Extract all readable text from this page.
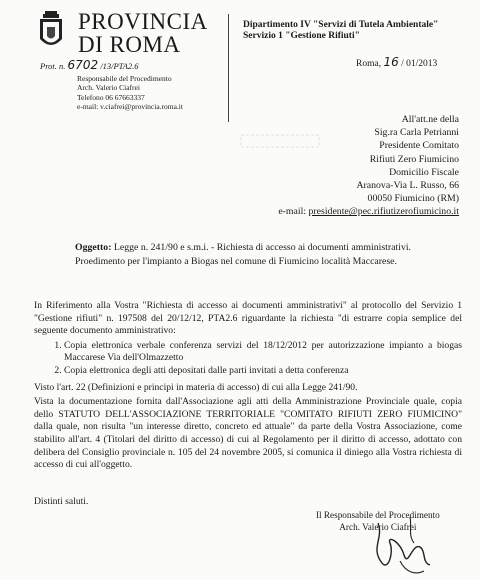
PROVINCIA
DI ROMA
Dipartimento IV "Servizi di Tutela Ambientale"
Servizio 1 "Gestione Rifiuti"
Roma, 16 / 01/2013
Prot. n. 6702 /13/PTA2.6
Responsabile del Procedimento
Arch. Valerio Ciafrei
Telefono 06 67663337
e-mail: v.ciafrei@provincia.roma.it
All'att.ne della
Sig.ra Carla Petrianni
Presidente Comitato
Rifiuti Zero Fiumicino
Domicilio Fiscale
Aranova-Via L. Russo, 66
00050 Fiumicino (RM)
e-mail: presidente@pec.rifiutizerofiumicino.it
Oggetto: Legge n. 241/90 e s.m.i. - Richiesta di accesso ai documenti amministrativi.
Proedimento per l'impianto a Biogas nel comune di Fiumicino località Maccarese.

In Riferimento alla Vostra "Richiesta di accesso ai documenti amministrativi" al protocollo del Servizio 1 "Gestione rifiuti" n. 197508 del 20/12/12, PTA2.6 riguardante la richiesta "di estrarre copia semplice del seguente documento amministrativo:

1. Copia elettronica verbale conferenza servizi del 18/12/2012 per autorizzazione impianto a biogas Maccarese Via dell'Olmazzetto
2. Copia elettronica degli atti depositati dalle parti invitati a detta conferenza

Visto l'art. 22 (Definizioni e principi in materia di accesso) di cui alla Legge 241/90.

Vista la documentazione fornita dall'Associazione agli atti della Amministrazione Provinciale quale, copia dello STATUTO DELL'ASSOCIAZIONE TERRITORIALE "COMITATO RIFIUTI ZERO FIUMICINO" dalla quale, non risulta "un interesse diretto, concreto ed attuale" da parte della Vostra Associazione, come stabilito all'art. 4 (Titolari del diritto di accesso) di cui al Regolamento per il diritto di accesso, adottato con delibera del Consiglio provinciale n. 105 del 24 novembre 2005, si comunica il diniego alla Vostra richiesta di accesso di cui all'oggetto.

Distinti saluti.
Il Responsabile del Procedimento
Arch. Valerio Ciafrei
